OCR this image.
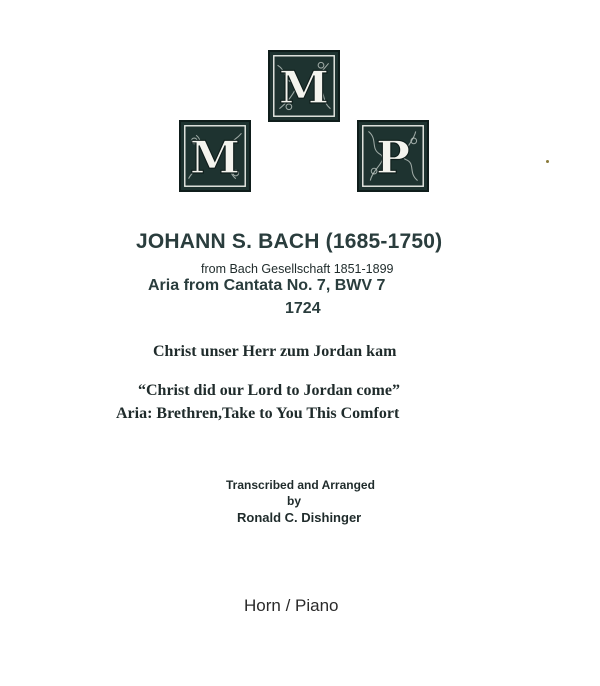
M
M
P
JOHANN S. BACH (1685-1750)
from Bach Gesellschaft 1851-1899
Aria from Cantata No. 7, BWV 7
1724
Christ unser Herr zum Jordan kam
“Christ did our Lord to Jordan come”
Aria: Brethren,Take to You This Comfort
Transcribed and Arranged
by
Ronald C. Dishinger
Horn / Piano
